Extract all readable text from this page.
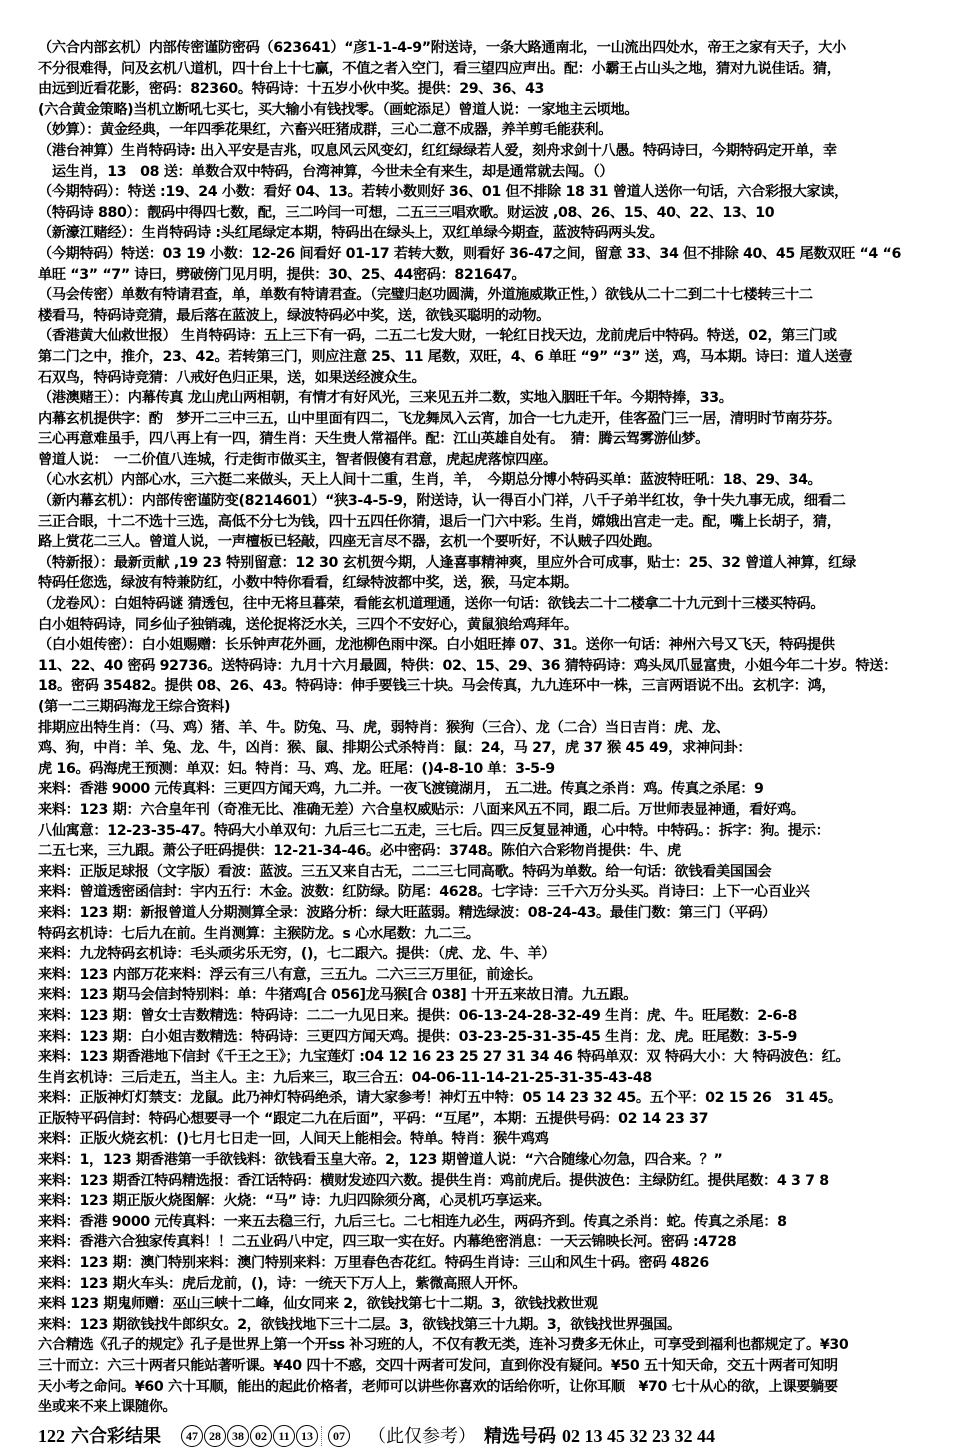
（六合内部玄机）内部传密谨防密码（623641）“彦1-1-4-9”附送诗，一条大路通南北，一山流出四处水，帝王之家有天子，大小
不分很难得，问及玄机八道机，四十台上十七赢，不值之者入空门，看三望四应声出。配：小霸王占山头之地，猜对九说佳话。猜，
由远到近看花影，密码：82360。特码诗：十五岁小伙中奖。提供：29、36、43
(六合黄金策略)当机立断吼七买七，买大输小有钱找零。（画蛇添足）曾道人说：一家地主云顷地。
（妙算）：黄金经典，一年四季花果红，六畜兴旺猪成群，三心二意不成器，养羊剪毛能获利。
（港台神算）生肖特码诗: 出入平安是吉兆，叹息风云风变幻，红红绿绿若人爱，刻舟求剑十八愚。特码诗曰，今期特码定开单，幸
　运生肖，13　08 送：单数合双中特码，台湾神算，今世未全有来生，却是通常就去闯。（）
（今期特码）：特送 :19、24 小数：看好 04、13。若转小数则好 36、01 但不排除 18 31 曾道人送你一句话，六合彩报大家读，
（特码诗 880）：靓码中得四七数，配，三二吟闫一可想，二五三三唱欢歌。财运波 ,08、26、15、40、22、13、10
（新濠江赌经）：生肖特码诗 :头红尾绿定本期，特码出在绿头上，双红单绿今期查，蓝波特码两头发。
（今期特码）特送：03 19 小数：12-26 间看好 01-17 若转大数，则看好 36-47之间，留意 33、34 但不排除 40、45 尾数双旺 “4 “6
单旺 “3” “7” 诗曰，劈破傍门见月明，提供：30、25、44密码：821647。
（马会传密）单数有特请君查，单，单数有特请君查。（完璧归赵功圆满，外道施威欺正性，）欲钱从二十二到二十七楼转三十二
楼看马，特码诗竞猜，最后落在蓝波上，绿波特码必中奖，送，欲钱买聪明的动物。
（香港黄大仙救世报） 生肖特码诗：五上三下有一码，二五二七发大财，一轮红日找天边，龙前虎后中特码。特送，02，第三门或
第二门之中，推介，23、42。若转第三门，则应注意 25、11 尾数，双旺，4、6 单旺 “9” “3” 送，鸡，马本期。诗曰：道人送壹
石双鸟，特码诗竞猜：八戒好色归正果，送，如果送经渡众生。
（港澳赌王）：内幕传真 龙山虎山两相朝，有情才有好风光，三来见五并二数，实地入胭旺千年。今期特捧，33。
内幕玄机提供字：酌　梦开二三中三五，山中里面有四二，飞龙舞凤入云宵，加合一七九走开，佳客盈门三一居，清明时节南芬芬。
三心再意难虽手，四八再上有一四，猜生肖：天生贵人常福伴。配：江山英雄自处有。　猜：腾云驾雾游仙梦。
曾道人说：　一二价值八连城，行走街市做买主，智者假傻有君意，虎起虎落惊四座。
（心水玄机）内部心水，三六挺二来做头，天上人间十二重，生肖，羊，　今期总分博小特码买单：蓝波特旺吼：18、29、34。
（新内幕玄机）：内部传密谨防变(8214601）“狭3-4-5-9，附送诗，认一得百小门祥，八千子弟半红妆，争十失九事无成，细看二
三正合眼，十二不选十三选，高低不分七为钱，四十五四任你猜，退后一门六中彩。生肖，嫦娥出宫走一走。配，嘴上长胡子，猜，
路上赏花二三人。曾道人说，一声檀板已轻敲，四座无言尽不器，玄机一个要听好，不认贼子四处跑。
（特新报）：最新贡献 ,19 23 特别留意：12 30 玄机贺今期，人逢喜事精神爽，里应外合可成事，贴士：25、32 曾道人神算，红绿
特码任您选，绿波有特兼防红，小数中特你看看，红绿特波都中奖，送，猴，马定本期。
（龙卷风）：白姐特码谜 猜透包，往中无将旦暮荣，看能玄机道理通，送你一句话：欲钱去二十二楼拿二十九元到十三楼买特码。
白小姐特码诗，同乡仙子独销魂，送伦捉将泛水关，三四个不安好心，黄鼠狼给鸡拜年。
（白小姐传密）：白小姐赐赠：长乐钟声花外画，龙池柳色雨中深。白小姐旺捧 07、31。送你一句话：神州六号又飞天，特码提供
11、22、40 密码 92736。送特码诗：九月十六月最圆，特供：02、15、29、36 猜特码诗：鸡头凤爪显富贵，小姐今年二十岁。特送：
18。密码 35482。提供 08、26、43。特码诗：伸手要钱三十块。马会传真，九九连环中一株，三言两语说不出。玄机字：鸿，
(第一二三期码海龙王综合资料)
排期应出特生肖：（马、鸡）猪、羊、牛。防兔、马、虎，弱特肖：猴狗（三合）、龙（二合）当日吉肖：虎、龙、
鸡、狗，中肖：羊、兔、龙、牛，凶肖：猴、鼠、排期公式杀特肖：鼠：24，马 27，虎 37 猴 45 49，求神问卦：
虎 16。码海虎王预测：单双：妇。特肖：马、鸡、龙。旺尾：()4-8-10 单：3-5-9
来料：香港 9000 元传真料：三更四方闻天鸡，九二并。一夜飞渡镜湖月， 五二进。传真之杀肖：鸡。传真之杀尾：9
来料：123 期：六合皇年刊（奇准无比、准确无差）六合皇权威贴示：八面来风五不同，跟二后。万世师表显神通，看好鸡。
八仙寓意：12-23-35-47。特码大小单双句：九后三七二五走，三七后。四三反复显神通，心中特。中特码。：拆字：狗。提示：
二五七来，三九跟。萧公子旺码提供：12-21-34-46。必中密码：3748。陈伯六合彩物肖提供：牛、虎
来料：正版足球报（文字版）看波：蓝波。三五又来自古无，二二三七同高歌。特码为单数。给一句话：欲钱看美国国会
来料：曾道透密函信封：宇内五行：木金。波数：红防绿。防尾：4628。七字诗：三千六万分头买。肖诗曰：上下一心百业兴
来料：123 期：新报曾道人分期测算全录：波路分析：绿大旺蓝弱。精选绿波：08-24-43。最佳门数：第三门（平码）
特码玄机诗：七后九在前。生肖测算：主猴防龙。s 心水尾数：九二三。
来料：九龙特码玄机诗：毛头顽劣乐无穷，()，七二跟六。提供：（虎、龙、牛、羊）
来料：123 内部万花来料：浮云有三八有意，三五九。二六三三万里征，前途长。
来料：123 期马会信封特别料：单：牛猪鸡[合 056]龙马猴[合 038] 十开五来故日清。九五跟。
来料：123 期：曾女士吉数精选：特码诗：二二一九见日来。提供：06-13-24-28-32-49 生肖：虎、牛。旺尾数：2-6-8
来料：123 期：白小姐吉数精选：特码诗：三更四方闻天鸡。提供：03-23-25-31-35-45 生肖：龙、虎。旺尾数：3-5-9
来料：123 期香港地下信封《千王之王》；九宝莲灯 :04 12 16 23 25 27 31 34 46 特码单双：双 特码大小：大 特码波色：红。
生肖玄机诗：三后走五，当主人。主：九后来三，取三合五：04-06-11-14-21-25-31-35-43-48
来料：正版神灯灯禁支：龙鼠。此乃神灯特码绝杀，请大家参考！神灯五中特：05 14 23 32 45。五个平：02 15 26　31 45。
正版特平码信封：特码心想要寻一个 “跟定二九在后面”，平码：“互尾”，本期：五提供号码：02 14 23 37
来料：正版火烧玄机：()七月七日走一回，人间天上能相会。特单。特肖：猴牛鸡鸡
来料：1，123 期香港第一手欲钱料：欲钱看玉皇大帝。2，123 期曾道人说：“六合随缘心勿急，四合来。？”
来料：123 期香江特码精选报：香江话特码：横财发迹四六数。提供生肖：鸡前虎后。提供波色：主绿防红。提供尾数：4 3 7 8
来料：123 期正版火烧图解：火烧：“马” 诗：九归四除须分离，心灵机巧享运来。
来料：香港 9000 元传真料：一来五去稳三行，九后三七。二七相连九必生，两码齐到。传真之杀肖：蛇。传真之杀尾：8
来料：香港六合独家传真料！！二五业码八中定，四三取一实在好。内幕绝密消息：一天云锦映长河。密码 :4728
来料：123 期：澳门特别来料：澳门特别来料：万里春色杏花红。特码生肖诗：三山和风生十码。密码 4826
来料：123 期火车头：虎后龙前，()，诗：一统天下万人上，紫微高照人开怀。
来料 123 期鬼师赠：巫山三峡十二峰，仙女同来 2，欲钱找第七十二期。3，欲钱找救世观
来料：123 期欲钱找牛郎织女。2，欲钱找地下三十二层。3，欲钱找第三十九期。3，欲钱找世界强国。
六合精选《孔子的规定》孔子是世界上第一个开ss 补习班的人，不仅有教无类，连补习费多无休止，可享受到福利也都规定了。¥30
三十而立：六三十两者只能站著听课。¥40 四十不惑，交四十两者可发问，直到你没有疑问。¥50 五十知天命，交五十两者可知明
天小考之命问。¥60 六十耳顺，能出的起此价格者，老师可以讲些你喜欢的话给你听，让你耳顺　¥70 七十从心的欲，上课要躺要
坐或来不来上课随你。
122 六合彩结果	47 28 38 02 11 13	07 （此仅参考） 精选号码 02 13 45 32 23 32 44
